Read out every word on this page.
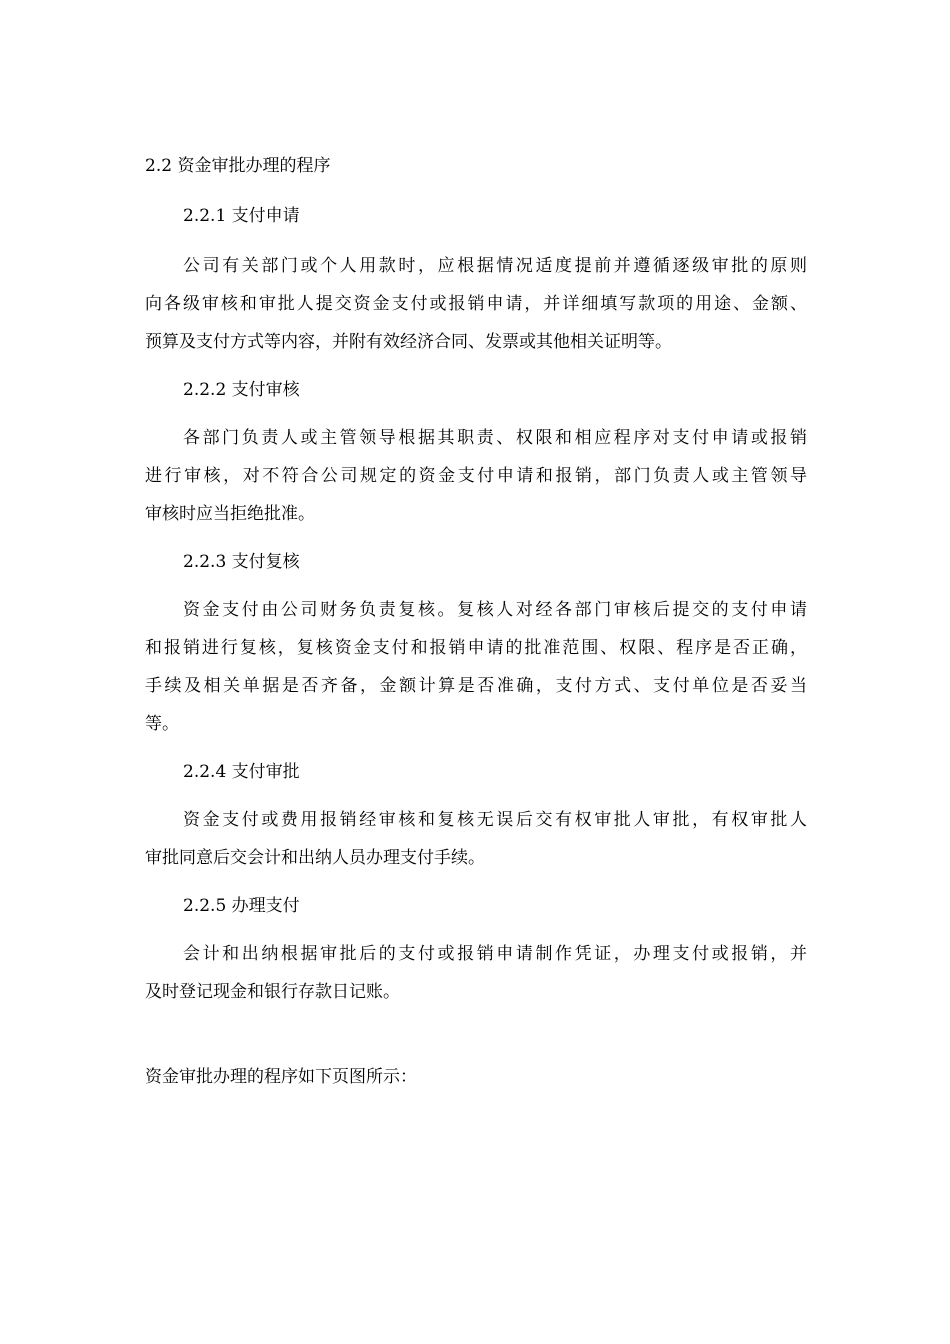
2.2 资金审批办理的程序
2.2.1 支付申请
公司有关部门或个人用款时，应根据情况适度提前并遵循逐级审批的原则
向各级审核和审批人提交资金支付或报销申请，并详细填写款项的用途、金额、
预算及支付方式等内容，并附有效经济合同、发票或其他相关证明等。
2.2.2 支付审核
各部门负责人或主管领导根据其职责、权限和相应程序对支付申请或报销
进行审核，对不符合公司规定的资金支付申请和报销，部门负责人或主管领导
审核时应当拒绝批准。
2.2.3 支付复核
资金支付由公司财务负责复核。复核人对经各部门审核后提交的支付申请
和报销进行复核，复核资金支付和报销申请的批准范围、权限、程序是否正确，
手续及相关单据是否齐备，金额计算是否准确，支付方式、支付单位是否妥当
等。
2.2.4 支付审批
资金支付或费用报销经审核和复核无误后交有权审批人审批，有权审批人
审批同意后交会计和出纳人员办理支付手续。
2.2.5 办理支付
会计和出纳根据审批后的支付或报销申请制作凭证，办理支付或报销，并
及时登记现金和银行存款日记账。
资金审批办理的程序如下页图所示：
